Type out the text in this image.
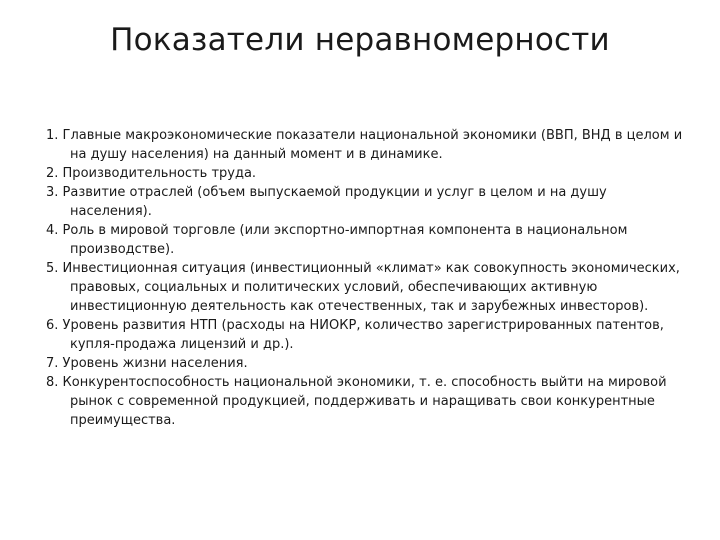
Показатели неравномерности
1. Главные макроэкономические показатели национальной экономики (ВВП, ВНД в целом и на душу населения) на данный момент и в динамике.
2. Производительность труда.
3. Развитие отраслей (объем выпускаемой продукции и услуг в целом и на душу населения).
4. Роль в мировой торговле (или экспортно-импортная компонента в национальном производстве).
5. Инвестиционная ситуация (инвестиционный «климат» как совокупность экономических, правовых, социальных и политических условий, обеспечивающих активную инвестиционную деятельность как отечественных, так и зарубежных инвесторов).
6. Уровень развития НТП (расходы на НИОКР, количество зарегистрированных патентов, купля-продажа лицензий и др.).
7. Уровень жизни населения.
8. Конкурентоспособность национальной экономики, т. е. способность выйти на мировой рынок с современной продукцией, поддерживать и наращивать свои конкурентные преимущества.
